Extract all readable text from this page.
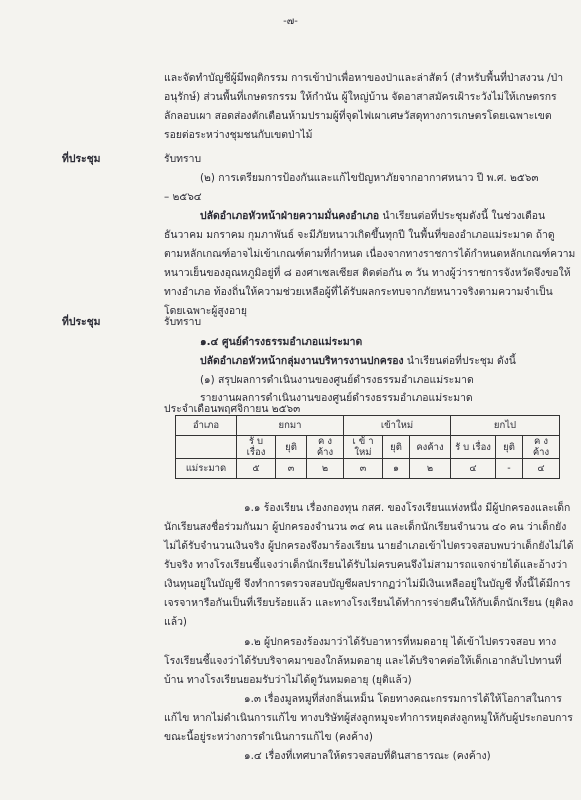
-๗-
และจัดทำบัญชีผู้มีพฤติกรรม การเข้าป่าเพื่อหาของป่าและล่าสัตว์ (สำหรับพื้นที่ป่าสงวน /ป่า
อนุรักษ์) ส่วนพื้นที่เกษตรกรรม ให้กำนัน ผู้ใหญ่บ้าน จัดอาสาสมัครเฝ้าระวังไม่ให้เกษตรกร
ลักลอบเผา สอดส่องตักเตือนห้ามปรามผู้ที่จุดไฟเผาเศษวัสดุทางการเกษตรโดยเฉพาะเขต
รอยต่อระหว่างชุมชนกับเขตป่าไม้
ที่ประชุม	รับทราบ
(๒) การเตรียมการป้องกันและแก้ไขปัญหาภัยจากอากาศหนาว ปี พ.ศ. ๒๕๖๓
– ๒๕๖๔
ปลัดอำเภอหัวหน้าฝ่ายความมั่นคงอำเภอ นำเรียนต่อที่ประชุมดังนี้ ในช่วงเดือน
ธันวาคม มกราคม กุมภาพันธ์ จะมีภัยหนาวเกิดขึ้นทุกปี ในพื้นที่ของอำเภอแม่ระมาด ถ้าดู
ตามหลักเกณฑ์อาจไม่เข้าเกณฑ์ตามที่กำหนด เนื่องจากทางราชการได้กำหนดหลักเกณฑ์ความ
หนาวเย็นของอุณหภูมิอยู่ที่ ๘ องศาเซลเซียส ติดต่อกัน ๓ วัน ทางผู้ว่าราชการจังหวัดจึงขอให้
ทางอำเภอ ท้องถิ่นให้ความช่วยเหลือผู้ที่ได้รับผลกระทบจากภัยหนาวจริงตามความจำเป็น
โดยเฉพาะผู้สูงอายุ
ที่ประชุม	รับทราบ
๑.๔ ศูนย์ดำรงธรรมอำเภอแม่ระมาด
ปลัดอำเภอหัวหน้ากลุ่มงานบริหารงานปกครอง นำเรียนต่อที่ประชุม ดังนี้
(๑) สรุปผลการดำเนินงานของศูนย์ดำรงธรรมอำเภอแม่ระมาด
รายงานผลการดำเนินงานของศูนย์ดำรงธรรมอำเภอแม่ระมาด
ประจำเดือนพฤศจิกายน ๒๕๖๓
อำเภอ	ยกมา			เข้าใหม่			ยกไป		
	รั บ เรื่อง	ยุติ	ค ง ค้าง	เ ข้ า ใหม่	ยุติ	คงค้าง	รั บ เรื่อง	ยุติ	ค ง ค้าง
แม่ระมาด	๕	๓	๒	๓	๑	๒	๔	-	๔
๑.๑ ร้องเรียน เรื่องกองทุน กสศ. ของโรงเรียนแห่งหนึ่ง มีผู้ปกครองและเด็ก
นักเรียนสงชื่อร่วมกันมา ผู้ปกครองจำนวน ๓๔ คน และเด็กนักเรียนจำนวน ๔๐ คน ว่าเด็กยัง
ไม่ได้รับจำนวนเงินจริง ผู้ปกครองจึงมาร้องเรียน นายอำเภอเข้าไปตรวจสอบพบว่าเด็กยังไม่ได้
รับจริง ทางโรงเรียนชี้แจงว่าเด็กนักเรียนได้รับไม่ครบคนจึงไม่สามารถแจกจ่ายได้และอ้างว่า
เงินทุนอยู่ในบัญชี จึงทำการตรวจสอบบัญชีผลปรากฏว่าไม่มีเงินเหลืออยู่ในบัญชี ทั้งนี้ได้มีการ
เจรจาหารือกันเป็นที่เรียบร้อยแล้ว และทางโรงเรียนได้ทำการจ่ายคืนให้กับเด็กนักเรียน (ยุติลง
แล้ว)
๑.๒ ผู้ปกครองร้องมาว่าได้รับอาหารที่หมดอายุ ได้เข้าไปตรวจสอบ ทาง
โรงเรียนชี้แจงว่าได้รับบริจาคมาของใกล้หมดอายุ และได้บริจาคต่อให้เด็กเอากลับไปทานที่
บ้าน ทางโรงเรียนยอมรับว่าไม่ได้ดูวันหมดอายุ (ยุติแล้ว)
๑.๓ เรื่องมูลหมูที่ส่งกลิ่นเหม็น โดยทางคณะกรรมการได้ให้โอกาสในการ
แก้ไข หากไม่ดำเนินการแก้ไข ทางบริษัทผู้ส่งลูกหมูจะทำการหยุดส่งลูกหมูให้กับผู้ประกอบการ
ขณะนี้อยู่ระหว่างการดำเนินการแก้ไข (คงค้าง)
๑.๔ เรื่องที่เทศบาลให้ตรวจสอบที่ดินสาธารณะ (คงค้าง)
